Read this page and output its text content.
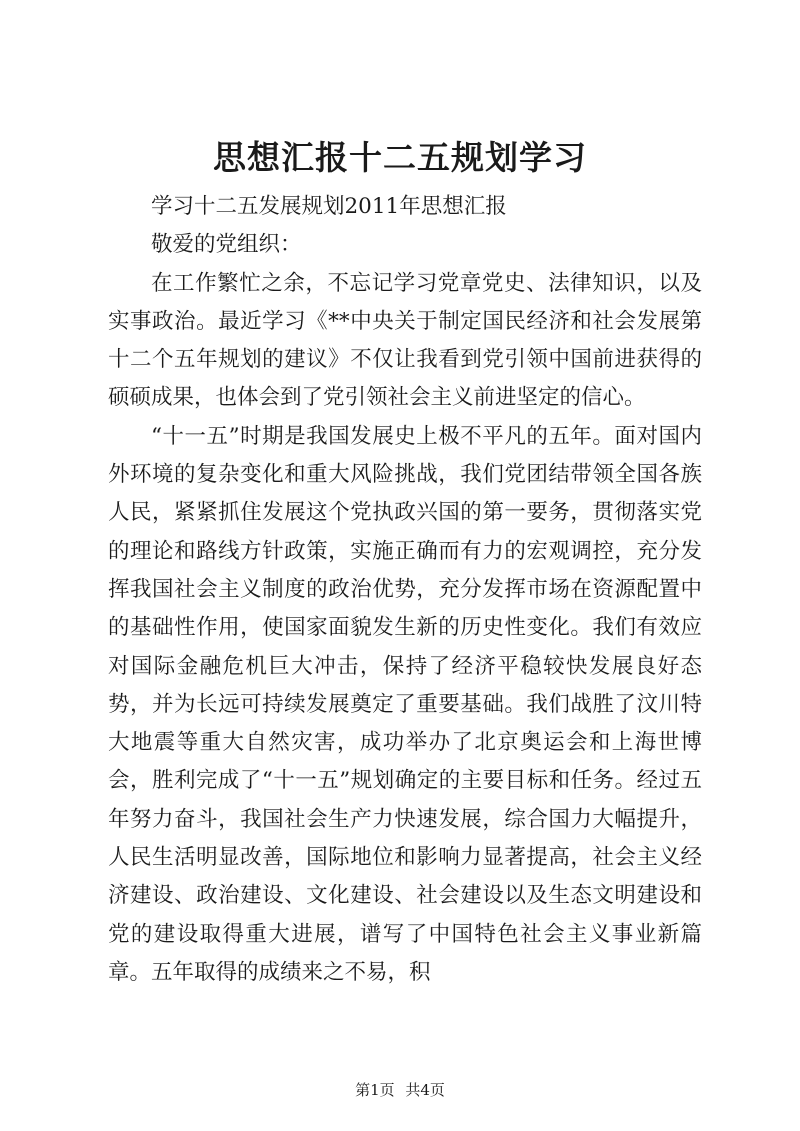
思想汇报十二五规划学习

学习十二五发展规划2011年思想汇报

敬爱的党组织：

在工作繁忙之余，不忘记学习党章党史、法律知识，以及实事政治。最近学习《**中央关于制定国民经济和社会发展第十二个五年规划的建议》不仅让我看到党引领中国前进获得的硕硕成果，也体会到了党引领社会主义前进坚定的信心。

“十一五”时期是我国发展史上极不平凡的五年。面对国内外环境的复杂变化和重大风险挑战，我们党团结带领全国各族人民，紧紧抓住发展这个党执政兴国的第一要务，贯彻落实党的理论和路线方针政策，实施正确而有力的宏观调控，充分发挥我国社会主义制度的政治优势，充分发挥市场在资源配置中的基础性作用，使国家面貌发生新的历史性变化。我们有效应对国际金融危机巨大冲击，保持了经济平稳较快发展良好态势，并为长远可持续发展奠定了重要基础。我们战胜了汶川特大地震等重大自然灾害，成功举办了北京奥运会和上海世博会，胜利完成了“十一五”规划确定的主要目标和任务。经过五年努力奋斗，我国社会生产力快速发展，综合国力大幅提升，人民生活明显改善，国际地位和影响力显著提高，社会主义经济建设、政治建设、文化建设、社会建设以及生态文明建设和党的建设取得重大进展，谱写了中国特色社会主义事业新篇章。五年取得的成绩来之不易，积

第1页 共4页
